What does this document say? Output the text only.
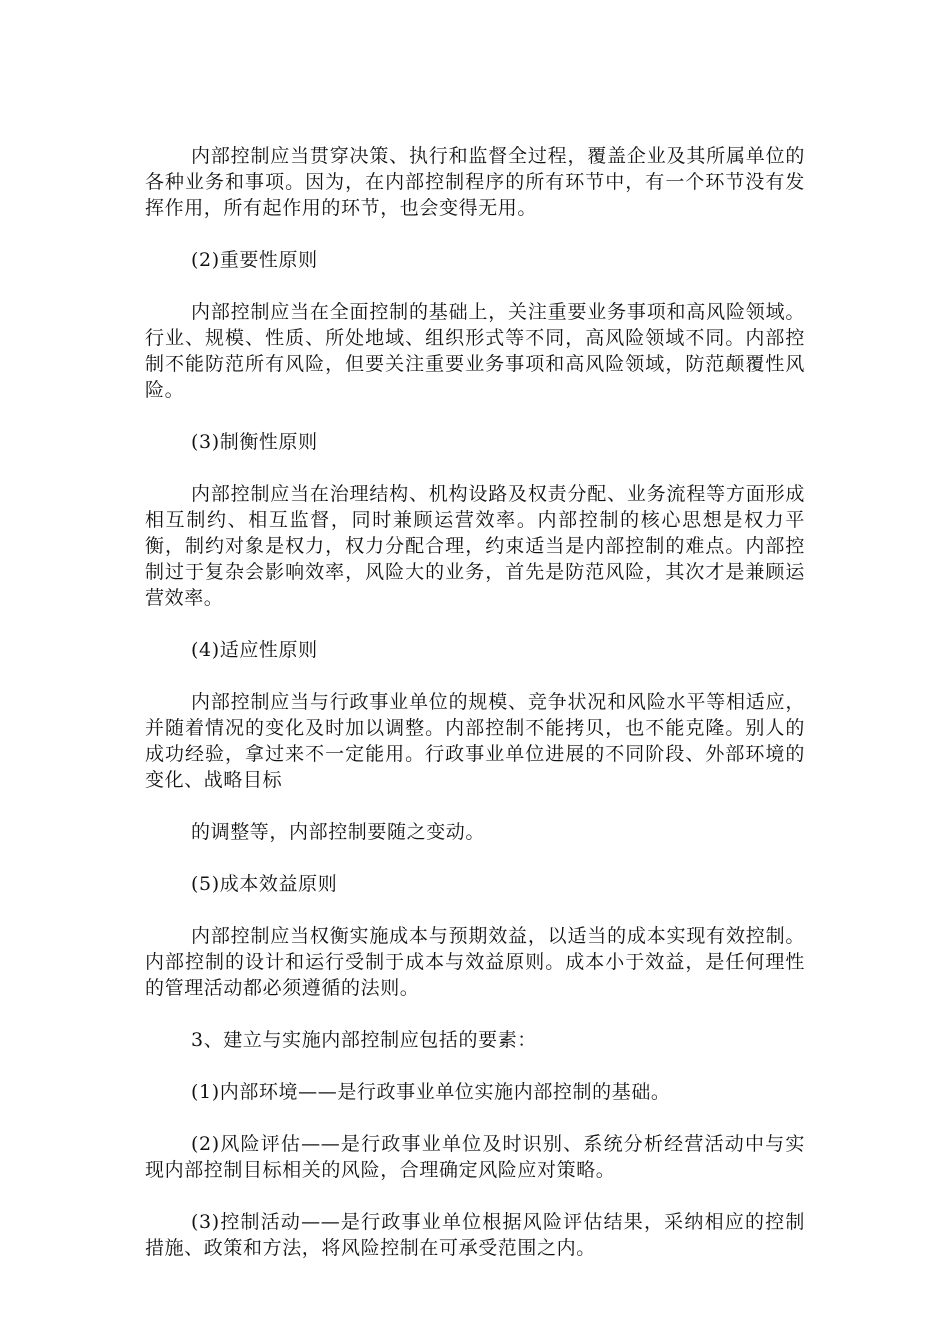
内部控制应当贯穿决策、执行和监督全过程，覆盖企业及其所属单位的各种业务和事项。因为，在内部控制程序的所有环节中，有一个环节没有发挥作用，所有起作用的环节，也会变得无用。

(2)重要性原则

内部控制应当在全面控制的基础上，关注重要业务事项和高风险领域。行业、规模、性质、所处地域、组织形式等不同，高风险领域不同。内部控制不能防范所有风险，但要关注重要业务事项和高风险领域，防范颠覆性风险。

(3)制衡性原则

内部控制应当在治理结构、机构设路及权责分配、业务流程等方面形成相互制约、相互监督，同时兼顾运营效率。内部控制的核心思想是权力平衡，制约对象是权力，权力分配合理，约束适当是内部控制的难点。内部控制过于复杂会影响效率，风险大的业务，首先是防范风险，其次才是兼顾运营效率。

(4)适应性原则

内部控制应当与行政事业单位的规模、竞争状况和风险水平等相适应，并随着情况的变化及时加以调整。内部控制不能拷贝，也不能克隆。别人的成功经验，拿过来不一定能用。行政事业单位进展的不同阶段、外部环境的变化、战略目标

的调整等，内部控制要随之变动。

(5)成本效益原则

内部控制应当权衡实施成本与预期效益，以适当的成本实现有效控制。内部控制的设计和运行受制于成本与效益原则。成本小于效益，是任何理性的管理活动都必须遵循的法则。

3、建立与实施内部控制应包括的要素：

(1)内部环境——是行政事业单位实施内部控制的基础。

(2)风险评估——是行政事业单位及时识别、系统分析经营活动中与实现内部控制目标相关的风险，合理确定风险应对策略。

(3)控制活动——是行政事业单位根据风险评估结果，采纳相应的控制措施、政策和方法，将风险控制在可承受范围之内。
